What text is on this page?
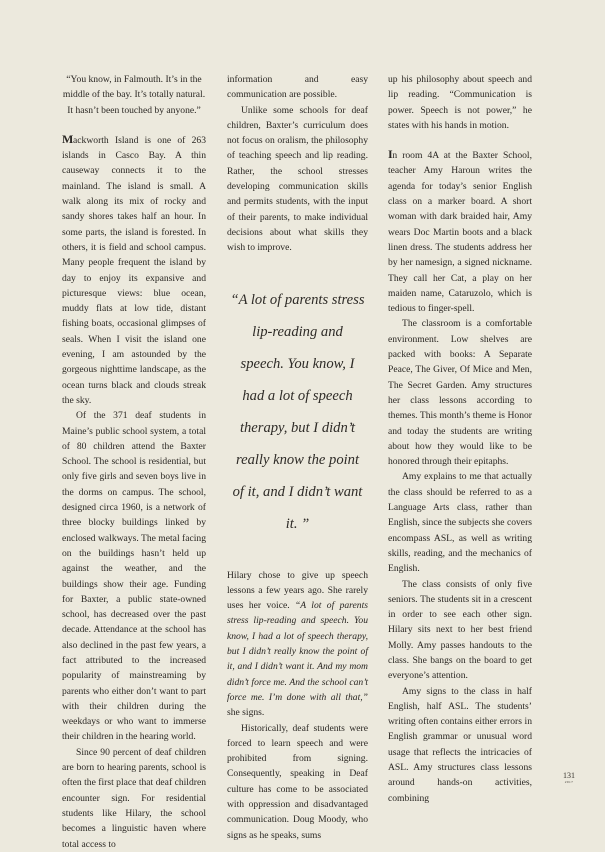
“You know, in Falmouth. It’s in the middle of the bay. It’s totally natural. It hasn’t been touched by anyone.”

Mackworth Island is one of 263 islands in Casco Bay. A thin causeway connects it to the mainland. The island is small. A walk along its mix of rocky and sandy shores takes half an hour. In some parts, the island is forested. In others, it is field and school campus. Many people frequent the island by day to enjoy its expansive and picturesque views: blue ocean, muddy flats at low tide, distant fishing boats, occasional glimpses of seals. When I visit the island one evening, I am astounded by the gorgeous nighttime landscape, as the ocean turns black and clouds streak the sky.

Of the 371 deaf students in Maine’s public school system, a total of 80 children attend the Baxter School. The school is residential, but only five girls and seven boys live in the dorms on campus. The school, designed circa 1960, is a network of three blocky buildings linked by enclosed walkways. The metal facing on the buildings hasn’t held up against the weather, and the buildings show their age. Funding for Baxter, a public state-owned school, has decreased over the past decade. Attendance at the school has also declined in the past few years, a fact attributed to the increased popularity of mainstreaming by parents who either don’t want to part with their children during the weekdays or who want to immerse their children in the hearing world.

Since 90 percent of deaf children are born to hearing parents, school is often the first place that deaf children encounter sign. For residential students like Hilary, the school becomes a linguistic haven where total access to

information and easy communication are possible.

Unlike some schools for deaf children, Baxter’s curriculum does not focus on oralism, the philosophy of teaching speech and lip reading. Rather, the school stresses developing communication skills and permits students, with the input of their parents, to make individual decisions about what skills they wish to improve.

“A lot of parents stress lip-reading and speech. You know, I had a lot of speech therapy, but I didn’t really know the point of it, and I didn’t want it. ”

Hilary chose to give up speech lessons a few years ago. She rarely uses her voice. “A lot of parents stress lip-reading and speech. You know, I had a lot of speech therapy, but I didn’t really know the point of it, and I didn’t want it. And my mom didn’t force me. And the school can’t force me. I’m done with all that,” she signs.

Historically, deaf students were forced to learn speech and were prohibited from signing. Consequently, speaking in Deaf culture has come to be associated with oppression and disadvantaged communication. Doug Moody, who signs as he speaks, sums

up his philosophy about speech and lip reading. “Communication is power. Speech is not power,” he states with his hands in motion.

In room 4A at the Baxter School, teacher Amy Haroun writes the agenda for today’s senior English class on a marker board. A short woman with dark braided hair, Amy wears Doc Martin boots and a black linen dress. The students address her by her namesign, a signed nickname. They call her Cat, a play on her maiden name, Cataruzolo, which is tedious to finger-spell.

The classroom is a comfortable environment. Low shelves are packed with books: A Separate Peace, The Giver, Of Mice and Men, The Secret Garden. Amy structures her class lessons according to themes. This month’s theme is Honor and today the students are writing about how they would like to be honored through their epitaphs.

Amy explains to me that actually the class should be referred to as a Language Arts class, rather than English, since the subjects she covers encompass ASL, as well as writing skills, reading, and the mechanics of English.

The class consists of only five seniors. The students sit in a crescent in order to see each other sign. Hilary sits next to her best friend Molly. Amy passes handouts to the class. She bangs on the board to get everyone’s attention.

Amy signs to the class in half English, half ASL. The students’ writing often contains either errors in English grammar or unusual word usage that reflects the intricacies of ASL. Amy structures class lessons around hands-on activities, combining

131
2017
